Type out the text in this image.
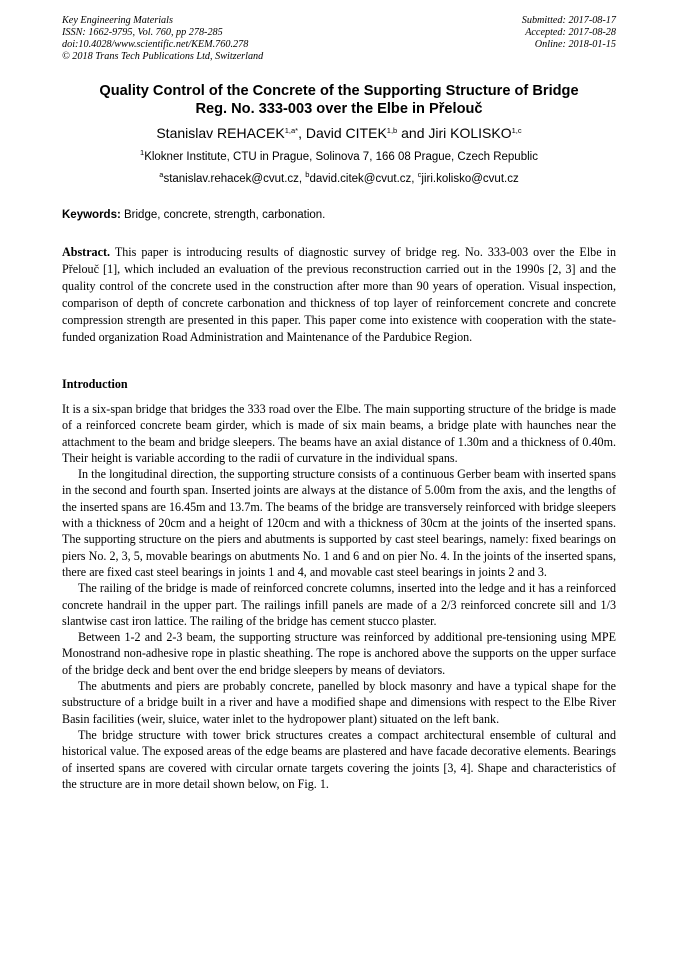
Key Engineering Materials
ISSN: 1662-9795, Vol. 760, pp 278-285
doi:10.4028/www.scientific.net/KEM.760.278
© 2018 Trans Tech Publications Ltd, Switzerland
Submitted: 2017-08-17
Accepted: 2017-08-28
Online: 2018-01-15
Quality Control of the Concrete of the Supporting Structure of Bridge
Reg. No. 333-003 over the Elbe in Přelouč
Stanislav $REHACEK^{1,a*}$, David CITEK$^{1,b}$ and Jiri KOLISKO$^{1,c}$
$^1$Klokner Institute, CTU in Prague, Solinova 7, 166 08 Prague, Czech Republic
$^a$stanislav.rehacek@cvut.cz, $^b$david.citek@cvut.cz, $^c$jiri.kolisko@cvut.cz
Keywords: Bridge, concrete, strength, carbonation.
Abstract. This paper is introducing results of diagnostic survey of bridge reg. No. 333-003 over the Elbe in Přelouč [1], which included an evaluation of the previous reconstruction carried out in the 1990s [2, 3] and the quality control of the concrete used in the construction after more than 90 years of operation. Visual inspection, comparison of depth of concrete carbonation and thickness of top layer of reinforcement concrete and concrete compression strength are presented in this paper. This paper come into existence with cooperation with the state-funded organization Road Administration and Maintenance of the Pardubice Region.
Introduction

It is a six-span bridge that bridges the 333 road over the Elbe. The main supporting structure of the bridge is made of a reinforced concrete beam girder, which is made of six main beams, a bridge plate with haunches near the attachment to the beam and bridge sleepers. The beams have an axial distance of 1.30m and a thickness of 0.40m. Their height is variable according to the radii of curvature in the individual spans.

In the longitudinal direction, the supporting structure consists of a continuous Gerber beam with inserted spans in the second and fourth span. Inserted joints are always at the distance of 5.00m from the axis, and the lengths of the inserted spans are 16.45m and 13.7m. The beams of the bridge are transversely reinforced with bridge sleepers with a thickness of 20cm and a height of 120cm and with a thickness of 30cm at the joints of the inserted spans. The supporting structure on the piers and abutments is supported by cast steel bearings, namely: fixed bearings on piers No. 2, 3, 5, movable bearings on abutments No. 1 and 6 and on pier No. 4. In the joints of the inserted spans, there are fixed cast steel bearings in joints 1 and 4, and movable cast steel bearings in joints 2 and 3.

The railing of the bridge is made of reinforced concrete columns, inserted into the ledge and it has a reinforced concrete handrail in the upper part. The railings infill panels are made of a 2/3 reinforced concrete sill and 1/3 slantwise cast iron lattice. The railing of the bridge has cement stucco plaster.

Between 1-2 and 2-3 beam, the supporting structure was reinforced by additional pre-tensioning using MPE Monostrand non-adhesive rope in plastic sheathing. The rope is anchored above the supports on the upper surface of the bridge deck and bent over the end bridge sleepers by means of deviators.

The abutments and piers are probably concrete, panelled by block masonry and have a typical shape for the substructure of a bridge built in a river and have a modified shape and dimensions with respect to the Elbe River Basin facilities (weir, sluice, water inlet to the hydropower plant) situated on the left bank.

The bridge structure with tower brick structures creates a compact architectural ensemble of cultural and historical value. The exposed areas of the edge beams are plastered and have facade decorative elements. Bearings of inserted spans are covered with circular ornate targets covering the joints [3, 4]. Shape and characteristics of the structure are in more detail shown below, on Fig. 1.
